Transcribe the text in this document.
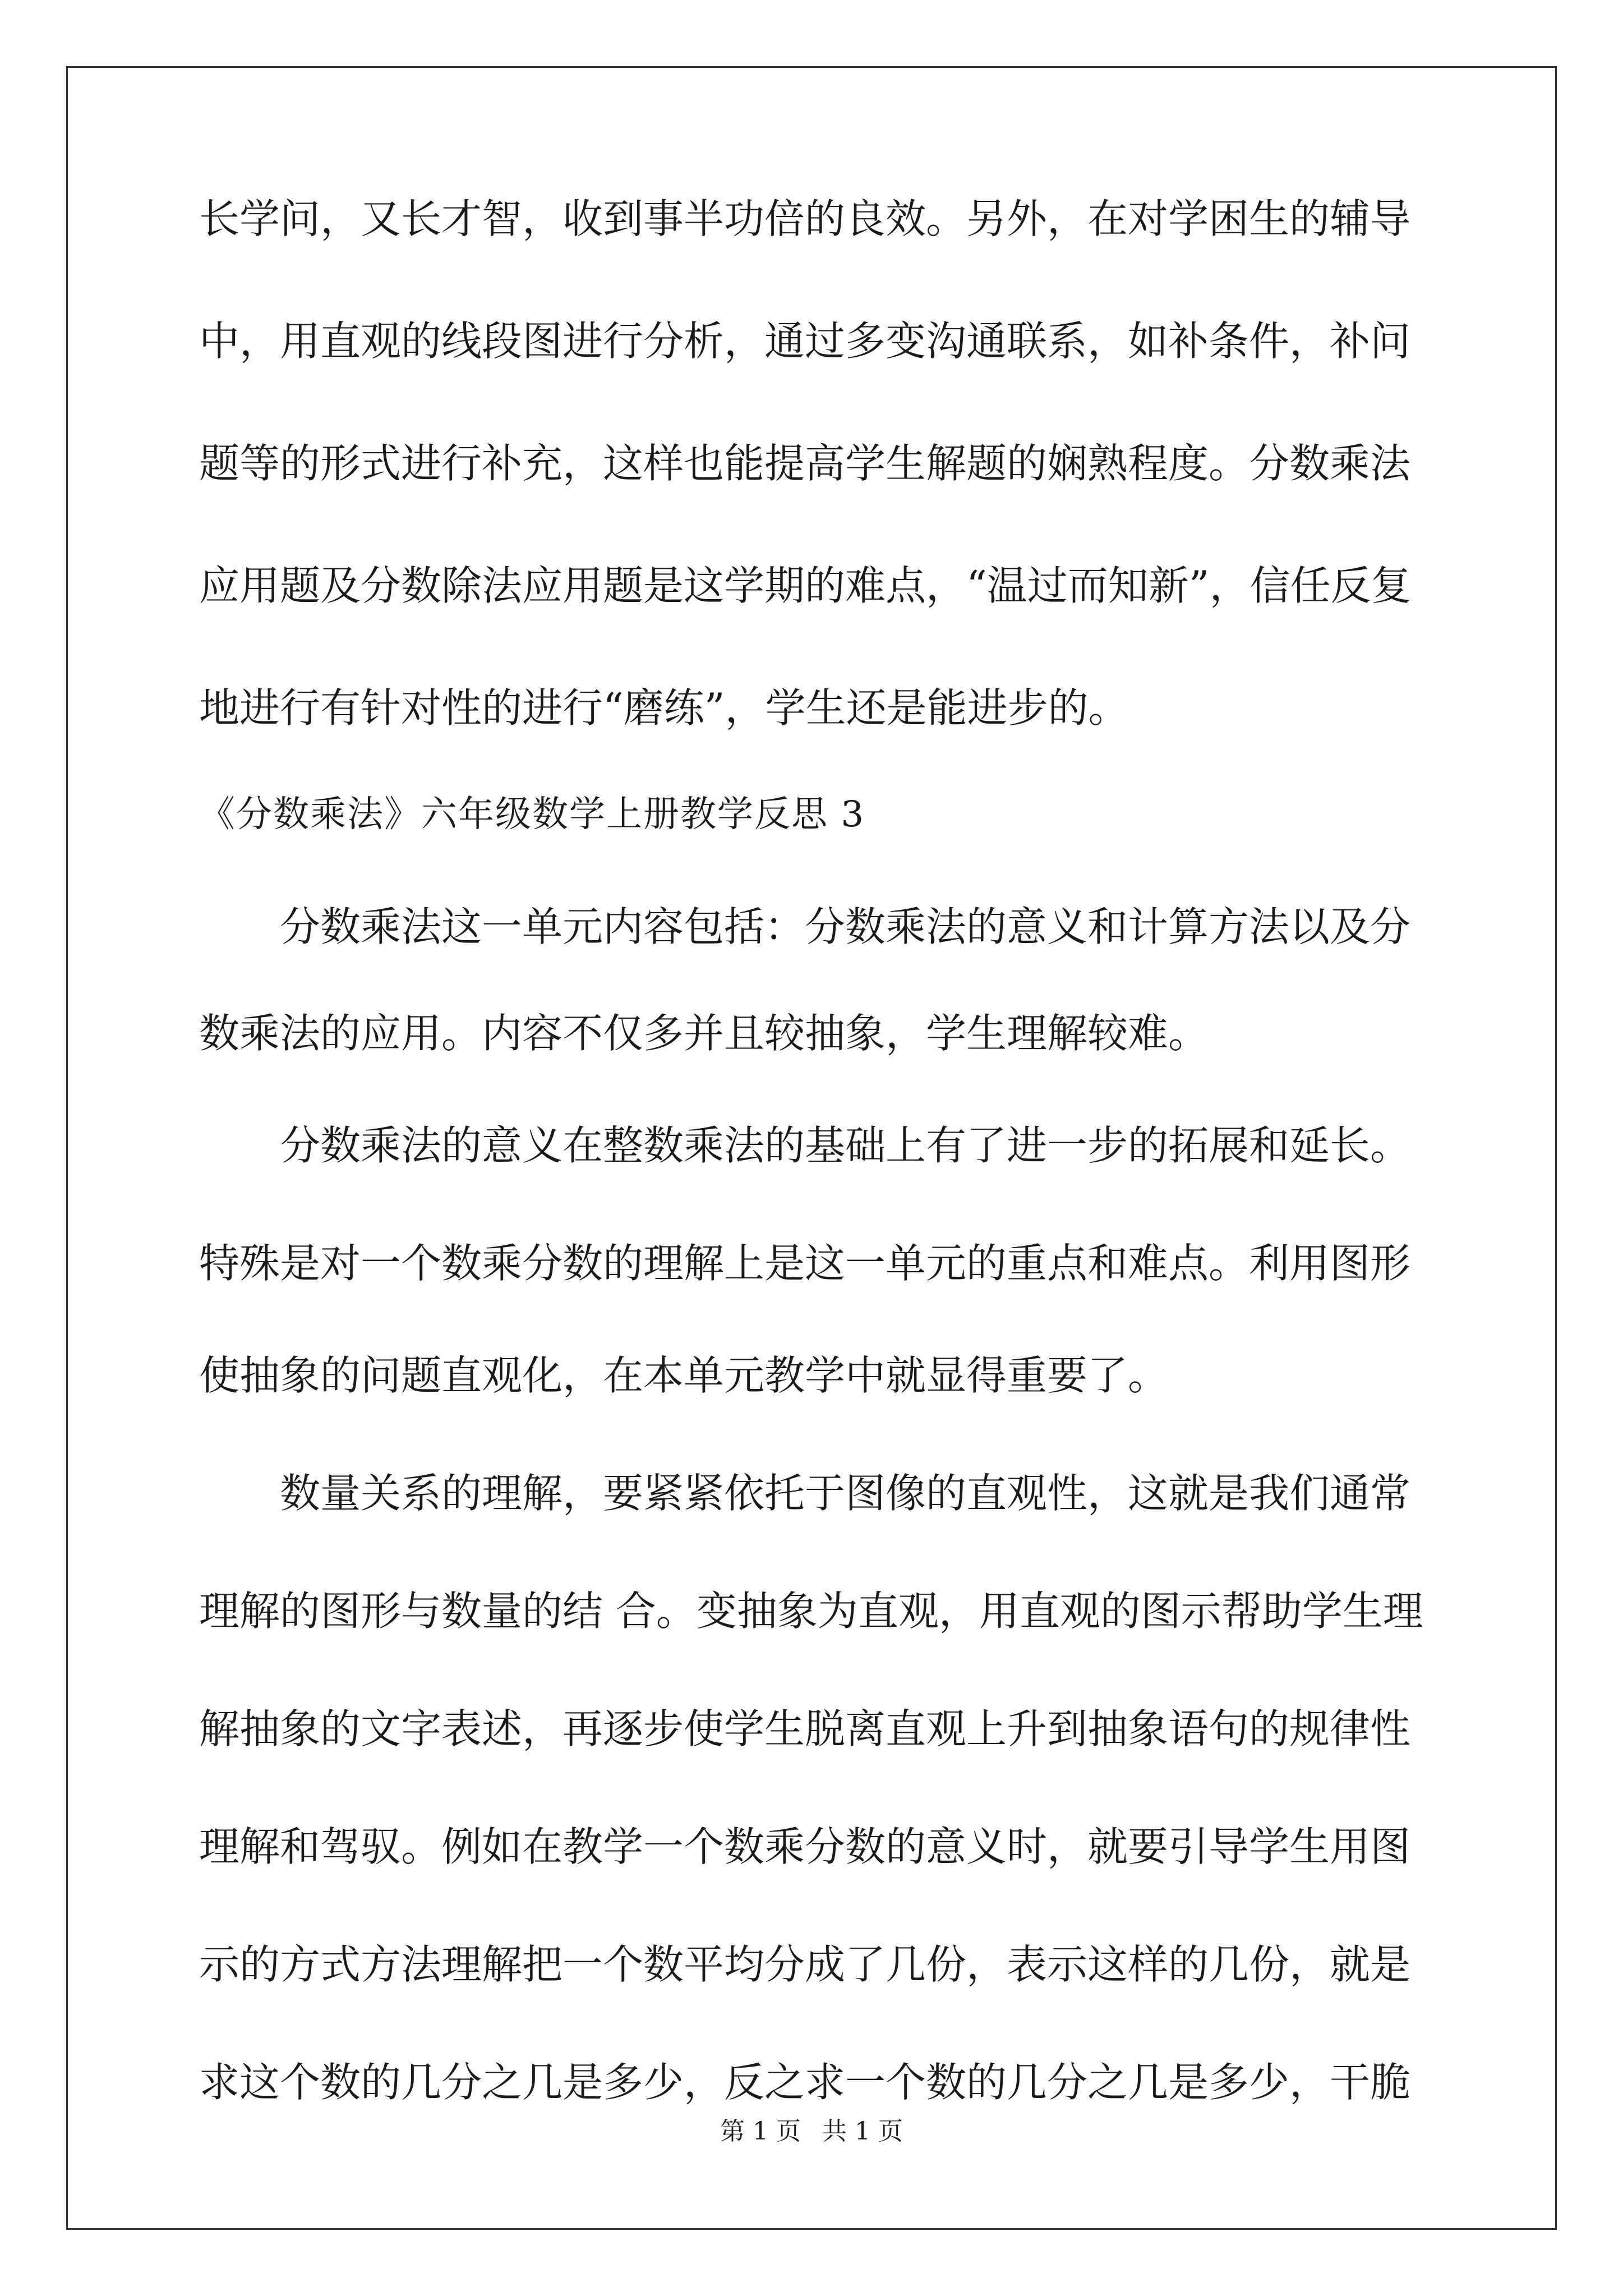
长学问，又长才智，收到事半功倍的良效。另外，在对学困生的辅导
中，用直观的线段图进行分析，通过多变沟通联系，如补条件，补问
题等的形式进行补充，这样也能提高学生解题的娴熟程度。分数乘法
应用题及分数除法应用题是这学期的难点，“温过而知新”，信任反复
地进行有针对性的进行“磨练”，学生还是能进步的。
《分数乘法》六年级数学上册教学反思 3
分数乘法这一单元内容包括：分数乘法的意义和计算方法以及分
数乘法的应用。内容不仅多并且较抽象，学生理解较难。
分数乘法的意义在整数乘法的基础上有了进一步的拓展和延长。
特殊是对一个数乘分数的理解上是这一单元的重点和难点。利用图形
使抽象的问题直观化，在本单元教学中就显得重要了。
数量关系的理解，要紧紧依托于图像的直观性，这就是我们通常
理解的图形与数量的结 合。变抽象为直观，用直观的图示帮助学生理
解抽象的文字表述，再逐步使学生脱离直观上升到抽象语句的规律性
理解和驾驭。例如在教学一个数乘分数的意义时，就要引导学生用图
示的方式方法理解把一个数平均分成了几份，表示这样的几份，就是
求这个数的几分之几是多少，反之求一个数的几分之几是多少，干脆
第 1 页 共 1 页
